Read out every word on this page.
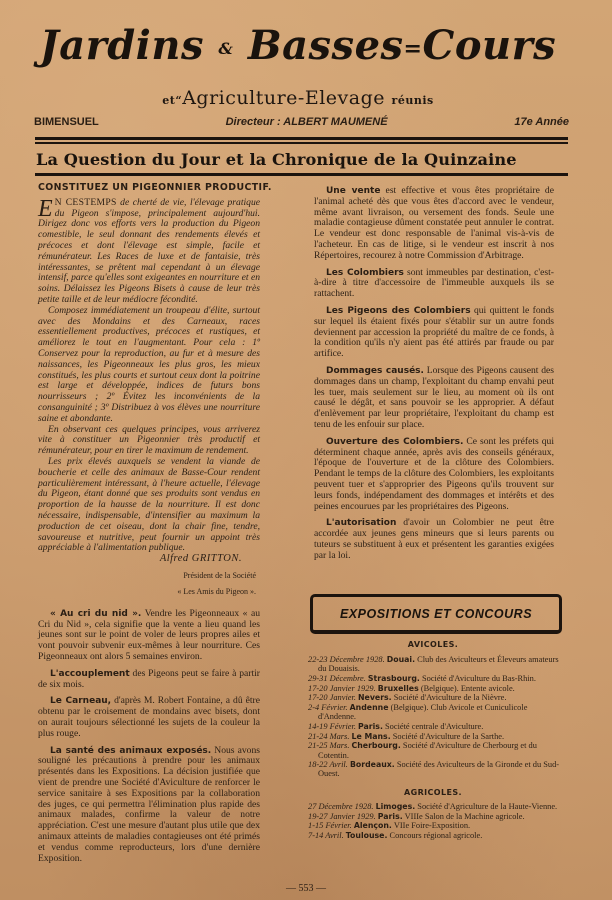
Jardins & Basses=Cours
et“Agriculture-Elevage réunis
BIMENSUEL	Directeur : ALBERT MAUMENÉ	17e Année
La Question du Jour et la Chronique de la Quinzaine
CONSTITUEZ UN PIGEONNIER PRODUCTIF.

E N CESTEMPS de cherté de vie, l'élevage pratique du Pigeon s'impose, principalement aujourd'hui. Dirigez donc vos efforts vers la production du Pigeon comestible, le seul donnant des rendements élevés et précoces et dont l'élevage est simple, facile et rémunérateur. Les Races de luxe et de fantaisie, très intéressantes, se prêtent mal cependant à un élevage intensif, parce qu'elles sont exigeantes en nourriture et en soins. Délaissez les Pigeons Bisets à cause de leur très petite taille et de leur médiocre fécondité.

Composez immédiatement un troupeau d'élite, surtout avec des Mondains et des Carneaux, races essentiellement productives, précoces et rustiques, et améliorez le tout en l'augmentant. Pour cela : 1º Conservez pour la reproduction, au fur et à mesure des naissances, les Pigeonneaux les plus gros, les mieux constitués, les plus courts et surtout ceux dont la poitrine est large et développée, indices de futurs bons nourrisseurs ; 2º Évitez les inconvénients de la consanguinité ; 3º Distribuez à vos élèves une nourriture saine et abondante.

En observant ces quelques principes, vous arriverez vite à constituer un Pigeonnier très productif et rémunérateur, pour en tirer le maximum de rendement.

Les prix élevés auxquels se vendent la viande de boucherie et celle des animaux de Basse-Cour rendent particulièrement intéressant, à l'heure actuelle, l'élevage du Pigeon, étant donné que ses produits sont vendus en proportion de la hausse de la nourriture. Il est donc nécessaire, indispensable, d'intensifier au maximum la production de cet oiseau, dont la chair fine, tendre, savoureuse et nutritive, peut fournir un appoint très appréciable à l'alimentation publique.

Alfred GRITTON.

Président de la Société

« Les Amis du Pigeon ».

« Au cri du nid ». Vendre les Pigeonneaux « au Cri du Nid », cela signifie que la vente a lieu quand les jeunes sont sur le point de voler de leurs propres ailes et vont pouvoir subvenir eux-mêmes à leur nourriture. Ces Pigeonneaux ont alors 5 semaines environ.

L'accouplement des Pigeons peut se faire à partir de six mois.

Le Carneau, d'après M. Robert Fontaine, a dû être obtenu par le croisement de mondains avec bisets, dont on aurait toujours sélectionné les sujets de la couleur la plus rouge.

La santé des animaux exposés. Nous avons souligné les précautions à prendre pour les animaux présentés dans les Expositions. La décision justifiée que vient de prendre une Société d'Aviculture de renforcer le service sanitaire à ses Expositions par la collaboration des juges, ce qui permettra l'élimination plus rapide des animaux malades, confirme la valeur de notre appréciation. C'est une mesure d'autant plus utile que dex animaux atteints de maladies contagieuses ont été primés et vendus comme reproducteurs, lors d'une dernière Exposition.

Une vente est effective et vous êtes propriétaire de l'animal acheté dès que vous êtes d'accord avec le vendeur, même avant livraison, ou versement des fonds. Seule une maladie contagieuse dûment constatée peut annuler le contrat. Le vendeur est donc responsable de l'animal vis-à-vis de l'acheteur. En cas de litige, si le vendeur est inscrit à nos Répertoires, recourez à notre Commission d'Arbitrage.

Les Colombiers sont immeubles par destination, c'est-à-dire à titre d'accessoire de l'immeuble auxquels ils se rattachent.

Les Pigeons des Colombiers qui quittent le fonds sur lequel ils étaient fixés pour s'établir sur un autre fonds deviennent par accession la propriété du maître de ce fonds, à la condition qu'ils n'y aient pas été attirés par fraude ou par artifice.

Dommages causés. Lorsque des Pigeons causent des dommages dans un champ, l'exploitant du champ envahi peut les tuer, mais seulement sur le lieu, au moment où ils ont causé le dégât, et sans pouvoir se les approprier. A défaut d'enlèvement par leur propriétaire, l'exploitant du champ est tenu de les enfouir sur place.

Ouverture des Colombiers. Ce sont les préfets qui déterminent chaque année, après avis des conseils généraux, l'époque de l'ouverture et de la clôture des Colombiers. Pendant le temps de la clôture des Colombiers, les exploitants peuvent tuer et s'approprier des Pigeons qu'ils trouvent sur leurs fonds, indépendament des dommages et intérêts et des peines encourues par les propriétaires des Pigeons.

L'autorisation d'avoir un Colombier ne peut être accordée aux jeunes gens mineurs que si leurs parents ou tuteurs se substituent à eux et présentent les garanties exigées par la loi.

EXPOSITIONS ET CONCOURS
AVICOLES.
22-23 Décembre 1928. Douai. Club des Aviculteurs et Éleveurs amateurs du Douaisis.
29-31 Décembre. Strasbourg. Société d'Aviculture du Bas-Rhin.
17-20 Janvier 1929. Bruxelles (Belgique). Entente avicole.
17-20 Janvier. Nevers. Société d'Aviculture de la Nièvre.
2-4 Février. Andenne (Belgique). Club Avicole et Cuniculicole d'Andenne.
14-19 Février. Paris. Société centrale d'Aviculture.
21-24 Mars. Le Mans. Société d'Aviculture de la Sarthe.
21-25 Mars. Cherbourg. Société d'Aviculture de Cherbourg et du Cotentin.
18-22 Avril. Bordeaux. Société des Aviculteurs de la Gironde et du Sud-Ouest.
AGRICOLES.
27 Décembre 1928. Limoges. Société d'Agriculture de la Haute-Vienne.
19-27 Janvier 1929. Paris. VIIIe Salon de la Machine agricole.
1-15 Février. Alençon. VIIe Foire-Exposition.
7-14 Avril. Toulouse. Concours régional agricole.
— 553 —
